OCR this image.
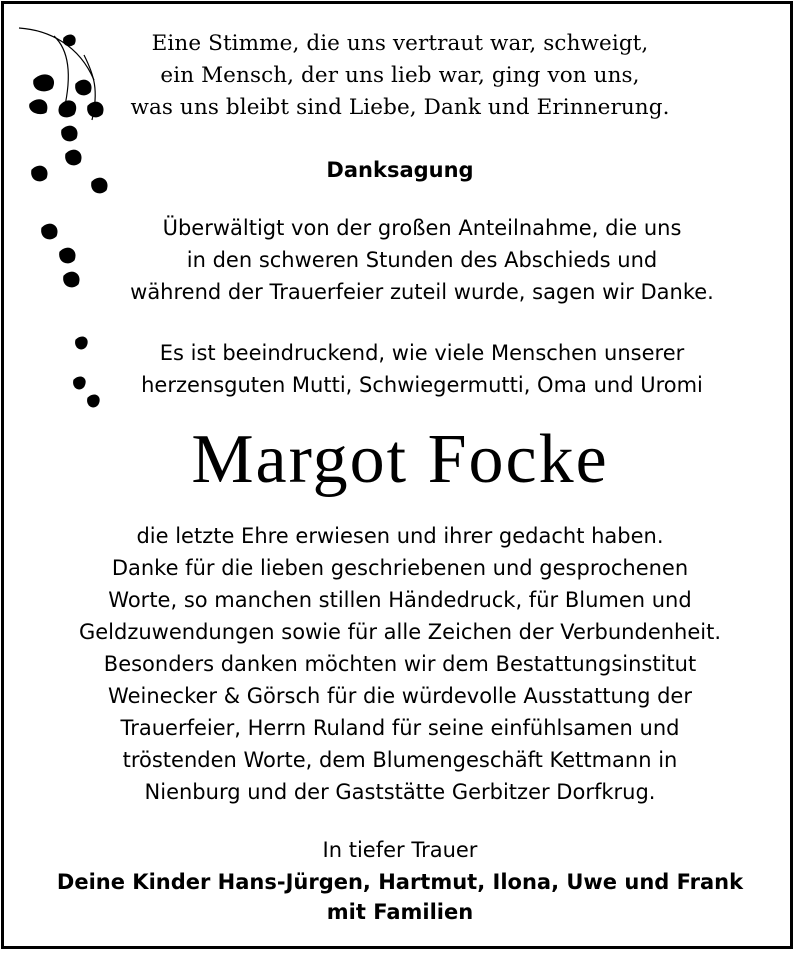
Eine Stimme, die uns vertraut war, schweigt,
ein Mensch, der uns lieb war, ging von uns,
was uns bleibt sind Liebe, Dank und Erinnerung.
Danksagung
Überwältigt von der großen Anteilnahme, die uns
in den schweren Stunden des Abschieds und
während der Trauerfeier zuteil wurde, sagen wir Danke.
Es ist beeindruckend, wie viele Menschen unserer
herzensguten Mutti, Schwiegermutti, Oma und Uromi
Margot Focke
die letzte Ehre erwiesen und ihrer gedacht haben.
Danke für die lieben geschriebenen und gesprochenen
Worte, so manchen stillen Händedruck, für Blumen und
Geldzuwendungen sowie für alle Zeichen der Verbundenheit.
Besonders danken möchten wir dem Bestattungsinstitut
Weinecker & Görsch für die würdevolle Ausstattung der
Trauerfeier, Herrn Ruland für seine einfühlsamen und
tröstenden Worte, dem Blumengeschäft Kettmann in
Nienburg und der Gaststätte Gerbitzer Dorfkrug.
In tiefer Trauer
Deine Kinder Hans-Jürgen, Hartmut, Ilona, Uwe und Frank
mit Familien
